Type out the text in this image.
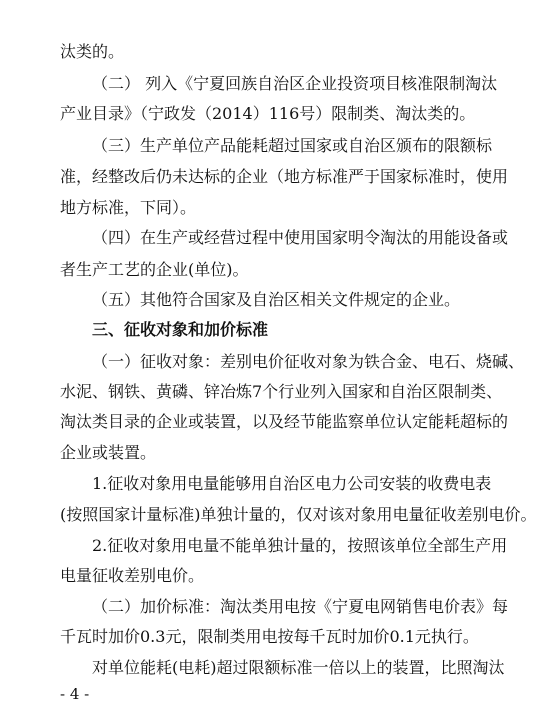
汰类的。
（二） 列入《宁夏回族自治区企业投资项目核准限制淘汰
产业目录》（宁政发（2014）116号）限制类、淘汰类的。
（三）生产单位产品能耗超过国家或自治区颁布的限额标
准，经整改后仍未达标的企业（地方标准严于国家标准时，使用
地方标准，下同）。
（四）在生产或经营过程中使用国家明令淘汰的用能设备或
者生产工艺的企业(单位)。
（五）其他符合国家及自治区相关文件规定的企业。
三、征收对象和加价标准
（一）征收对象：差别电价征收对象为铁合金、电石、烧碱、
水泥、钢铁、黄磷、锌冶炼7个行业列入国家和自治区限制类、
淘汰类目录的企业或装置，以及经节能监察单位认定能耗超标的
企业或装置。
1.征收对象用电量能够用自治区电力公司安装的收费电表
(按照国家计量标准)单独计量的，仅对该对象用电量征收差别电价。
2.征收对象用电量不能单独计量的，按照该单位全部生产用
电量征收差别电价。
（二）加价标准：淘汰类用电按《宁夏电网销售电价表》每
千瓦时加价0.3元，限制类用电按每千瓦时加价0.1元执行。
对单位能耗(电耗)超过限额标准一倍以上的装置，比照淘汰
- 4 -
